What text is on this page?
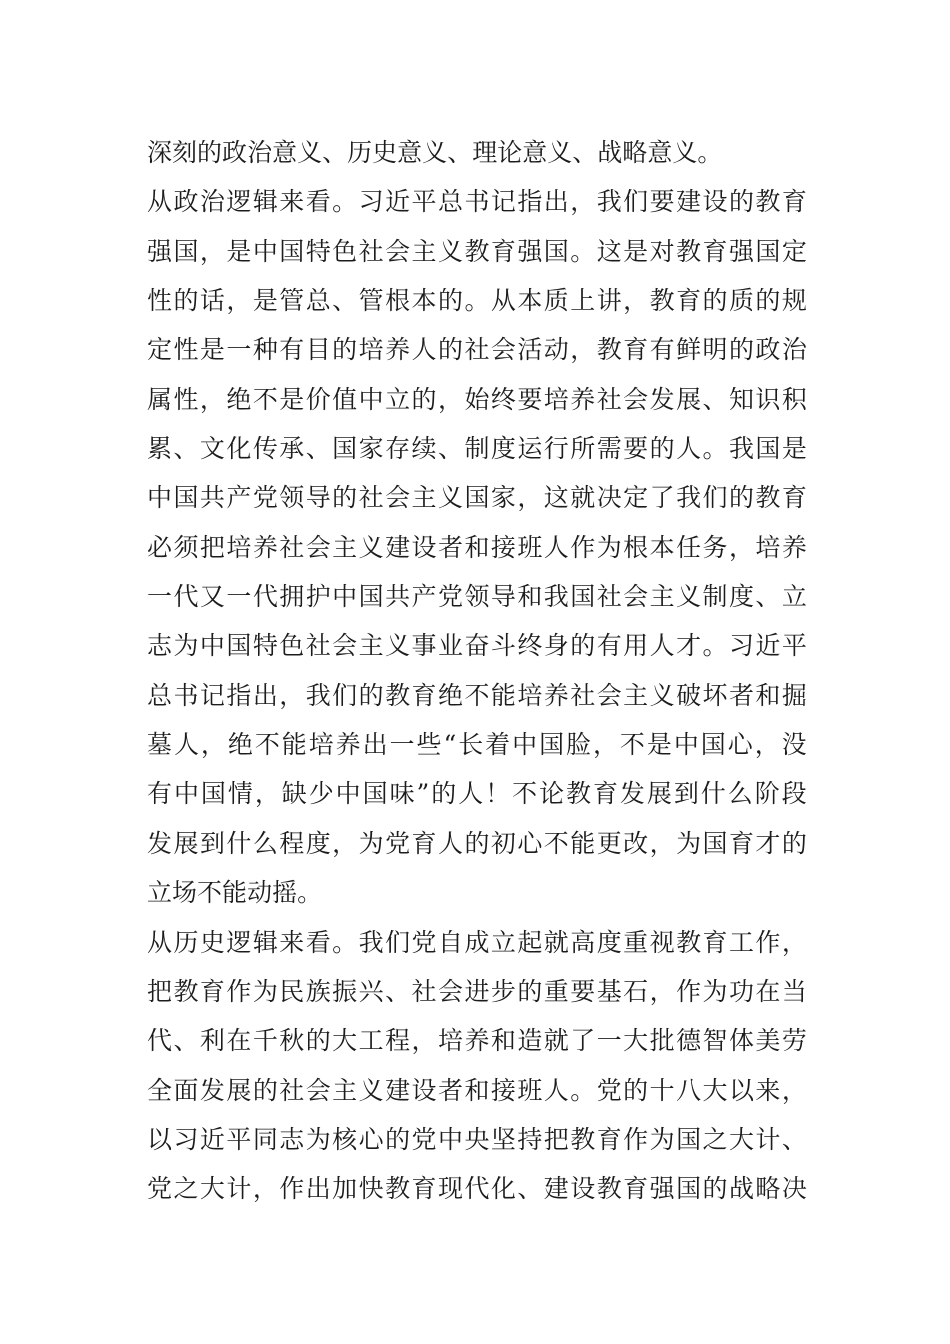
深 刻 的 政 治 意 义 、 历 史 意 义 、 理 论 意 义 、 战 略 意 义 。
从 政 治 逻 辑 来 看 。 习 近 平 总 书 记 指 出 ， 我 们 要 建 设 的 教 育
强 国 ， 是 中 国 特 色 社 会 主 义 教 育 强 国 。 这 是 对 教 育 强 国 定
性 的 话 ， 是 管 总 、 管 根 本 的 。 从 本 质 上 讲 ， 教 育 的 质 的 规
定 性 是 一 种 有 目 的 培 养 人 的 社 会 活 动 ， 教 育 有 鲜 明 的 政 治
属 性 ， 绝 不 是 价 值 中 立 的 ， 始 终 要 培 养 社 会 发 展 、 知 识 积
累 、 文 化 传 承 、 国 家 存 续 、 制 度 运 行 所 需 要 的 人 。 我 国 是
中 国 共 产 党 领 导 的 社 会 主 义 国 家 ， 这 就 决 定 了 我 们 的 教 育
必 须 把 培 养 社 会 主 义 建 设 者 和 接 班 人 作 为 根 本 任 务 ， 培 养
一 代 又 一 代 拥 护 中 国 共 产 党 领 导 和 我 国 社 会 主 义 制 度 、 立
志 为 中 国 特 色 社 会 主 义 事 业 奋 斗 终 身 的 有 用 人 才 。 习 近 平
总 书 记 指 出 ， 我 们 的 教 育 绝 不 能 培 养 社 会 主 义 破 坏 者 和 掘
墓 人 ， 绝 不 能 培 养 出 一 些 “ 长 着 中 国 脸 ， 不 是 中 国 心 ， 没
有 中 国 情 ， 缺 少 中 国 味 ” 的 人 ！ 不 论 教 育 发 展 到 什 么 阶 段
发 展 到 什 么 程 度 ， 为 党 育 人 的 初 心 不 能 更 改 ， 为 国 育 才 的
立 场 不 能 动 摇 。
从 历 史 逻 辑 来 看 。 我 们 党 自 成 立 起 就 高 度 重 视 教 育 工 作 ，
把 教 育 作 为 民 族 振 兴 、 社 会 进 步 的 重 要 基 石 ， 作 为 功 在 当
代 、 利 在 千 秋 的 大 工 程 ， 培 养 和 造 就 了 一 大 批 德 智 体 美 劳
全 面 发 展 的 社 会 主 义 建 设 者 和 接 班 人 。 党 的 十 八 大 以 来 ，
以 习 近 平 同 志 为 核 心 的 党 中 央 坚 持 把 教 育 作 为 国 之 大 计 、
党 之 大 计 ， 作 出 加 快 教 育 现 代 化 、 建 设 教 育 强 国 的 战 略 决
